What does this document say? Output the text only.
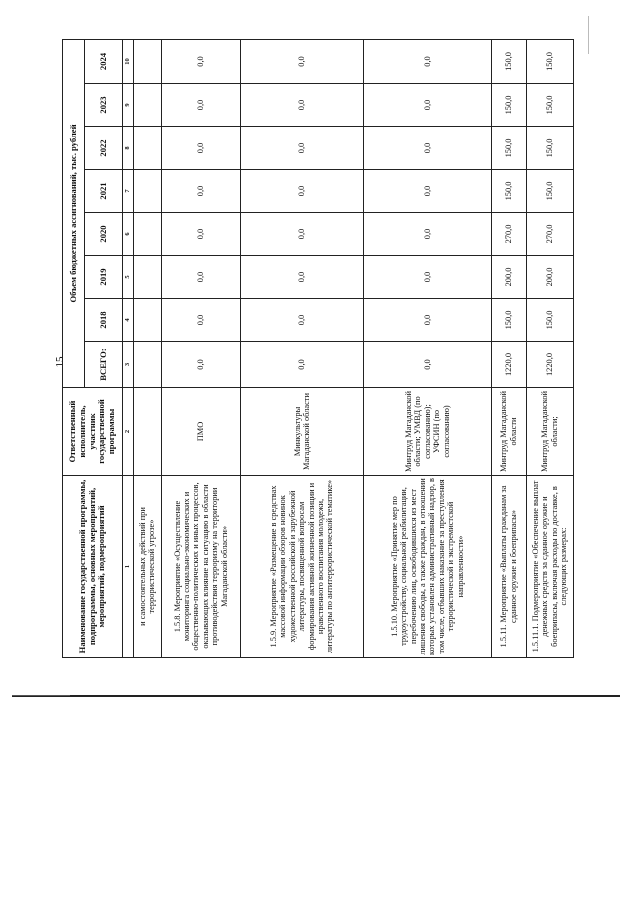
15
Наименование государственной программы, подпрограммы, основных мероприятий, мероприятий, подмероприятий	Ответственный исполнитель, участник государственной программы	Объем бюджетных ассигнований, тыс. рублей							
		ВСЕГО:	2018	2019	2020	2021	2022	2023	2024
1	2	3	4	5	6	7	8	9	10
и самостоятельных действий при террористической угрозе»									
1.5.8. Мероприятие «Осуществление мониторинга социально-экономических и общественно-политических и иных процессов, оказывающих влияние на ситуацию в области противодействия терроризму на территории Магаданской области»	ПМО	0,0	0,0	0,0	0,0	0,0	0,0	0,0	0,0
1.5.9. Мероприятие «Размещение в средствах массовой информации обзоров новинок художественной российской и зарубежной литературы, посвященной вопросам формирования активной жизненной позиции и нравственного воспитания молодежи, литературы по антитеррористической тематике»	Минкультуры Магаданской области	0,0	0,0	0,0	0,0	0,0	0,0	0,0	0,0
1.5.10. Мероприятие «Принятие мер по трудоустройству, социальной реабилитации, перебочению лиц, освободившихся из мест лишения свободы, а также граждан, в отношении которых установлен административный надзор, в том числе, отбывших наказание за преступления террористической и экстремистской направленности»	Минтруд Магаданской области; УМВД (по согласованию); УФСИН (по согласованию)	0,0	0,0	0,0	0,0	0,0	0,0	0,0	0,0
1.5.11. Мероприятие «Выплаты гражданам за сданное оружие и боеприпасы»	Минтруд Магаданской области	1220,0	150,0	200,0	270,0	150,0	150,0	150,0	150,0
1.5.11.1. Подмероприятие «Обеспечение выплат денежных средств за сданное оружие и боеприпасы, включая расходы по доставке, в следующих размерах:	Минтруд Магаданской области;	1220,0	150,0	200,0	270,0	150,0	150,0	150,0	150,0
